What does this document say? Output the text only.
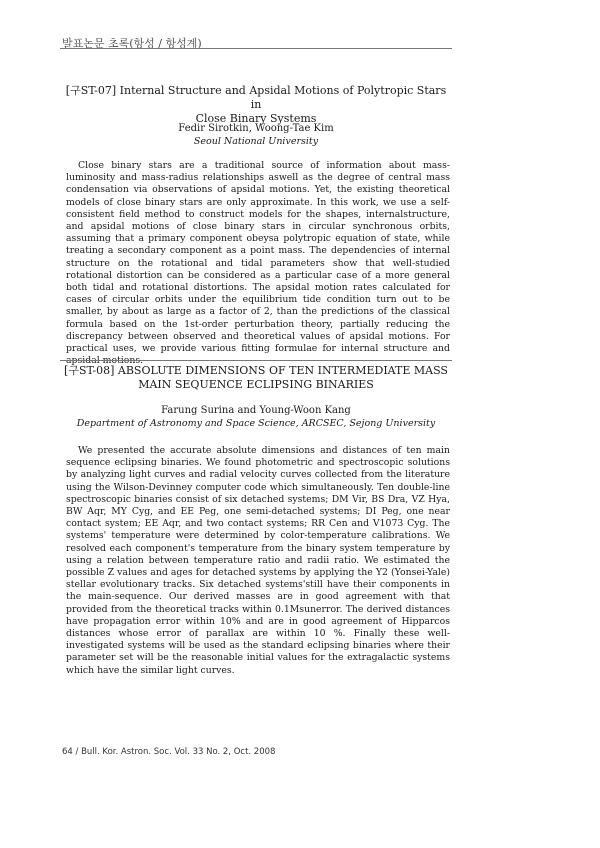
발표논문 초록(항성 / 항성계)
[구ST-07] Internal Structure and Apsidal Motions of Polytropic Stars in
Close Binary Systems
Fedir Sirotkin, Woong-Tae Kim
Seoul National University

Close binary stars are a traditional source of information about mass-luminosity and mass-radius relationships aswell as the degree of central mass condensation via observations of apsidal motions. Yet, the existing theoretical models of close binary stars are only approximate. In this work, we use a self-consistent field method to construct models for the shapes, internalstructure, and apsidal motions of close binary stars in circular synchronous orbits, assuming that a primary component obeysa polytropic equation of state, while treating a secondary component as a point mass. The dependencies of internal structure on the rotational and tidal parameters show that well-studied rotational distortion can be considered as a particular case of a more general both tidal and rotational distortions. The apsidal motion rates calculated for cases of circular orbits under the equilibrium tide condition turn out to be smaller, by about as large as a factor of 2, than the predictions of the classical formula based on the 1st-order perturbation theory, partially reducing the discrepancy between observed and theoretical values of apsidal motions. For practical uses, we provide various fitting formulae for internal structure and apsidal motions.

[구ST-08] ABSOLUTE DIMENSIONS OF TEN INTERMEDIATE MASS
MAIN SEQUENCE ECLIPSING BINARIES
Farung Surina and Young-Woon Kang
Department of Astronomy and Space Science, ARCSEC, Sejong University

We presented the accurate absolute dimensions and distances of ten main sequence eclipsing binaries. We found photometric and spectroscopic solutions by analyzing light curves and radial velocity curves collected from the literature using the Wilson-Devinney computer code which simultaneously. Ten double-line spectroscopic binaries consist of six detached systems; DM Vir, BS Dra, VZ Hya, BW Aqr, MY Cyg, and EE Peg, one semi-detached systems; DI Peg, one near contact system; EE Aqr, and two contact systems; RR Cen and V1073 Cyg. The systems' temperature were determined by color-temperature calibrations. We resolved each component's temperature from the binary system temperature by using a relation between temperature ratio and radii ratio. We estimated the possible Z values and ages for detached systems by applying the Y2 (Yonsei-Yale) stellar evolutionary tracks. Six detached systems'still have their components in the main-sequence. Our derived masses are in good agreement with that provided from the theoretical tracks within 0.1Msunerror. The derived distances have propagation error within 10% and are in good agreement of Hipparcos distances whose error of parallax are within 10 %. Finally these well-investigated systems will be used as the standard eclipsing binaries where their parameter set will be the reasonable initial values for the extragalactic systems which have the similar light curves.

64 / Bull. Kor. Astron. Soc. Vol. 33 No. 2, Oct. 2008
